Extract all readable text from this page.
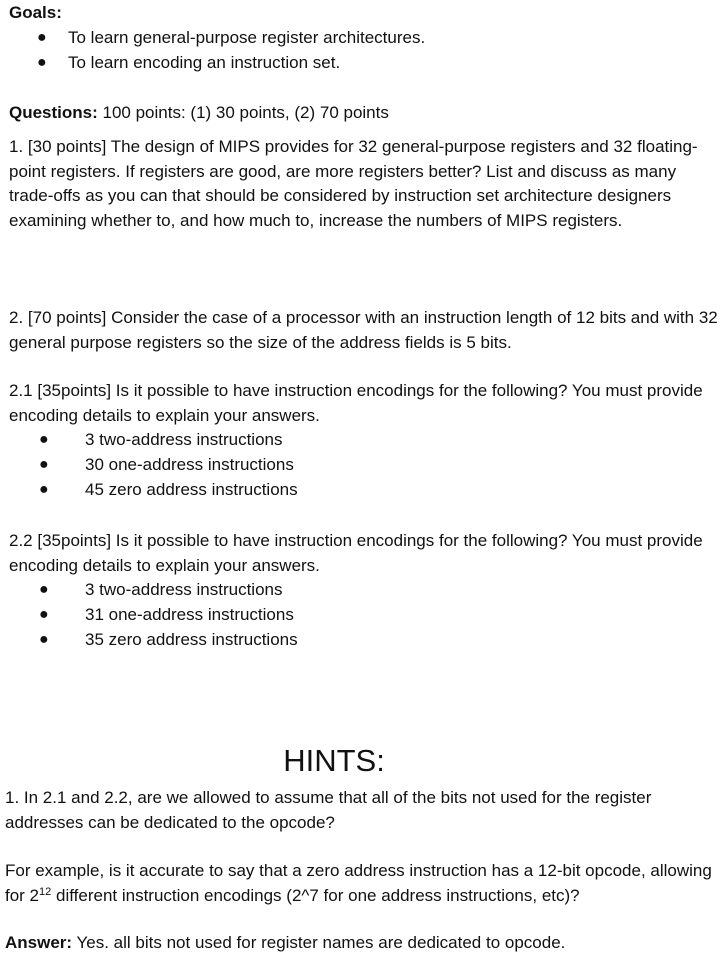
Goals:

● To learn general-purpose register architectures.
● To learn encoding an instruction set.

Questions: 100 points: (1) 30 points, (2) 70 points

1. [30 points] The design of MIPS provides for 32 general-purpose registers and 32 floating-point registers. If registers are good, are more registers better? List and discuss as many trade-offs as you can that should be considered by instruction set architecture designers examining whether to, and how much to, increase the numbers of MIPS registers.

2. [70 points] Consider the case of a processor with an instruction length of 12 bits and with 32 general purpose registers so the size of the address fields is 5 bits.

2.1 [35points] Is it possible to have instruction encodings for the following? You must provide encoding details to explain your answers.

● 3 two-address instructions
● 30 one-address instructions
● 45 zero address instructions

2.2 [35points] Is it possible to have instruction encodings for the following? You must provide encoding details to explain your answers.

● 3 two-address instructions
● 31 one-address instructions
● 35 zero address instructions
HINTS:

1. In 2.1 and 2.2, are we allowed to assume that all of the bits not used for the register addresses can be dedicated to the opcode?

For example, is it accurate to say that a zero address instruction has a 12-bit opcode, allowing for $2^{12}$ different instruction encodings (2^7 for one address instructions, etc)?

Answer: Yes. all bits not used for register names are dedicated to opcode.
